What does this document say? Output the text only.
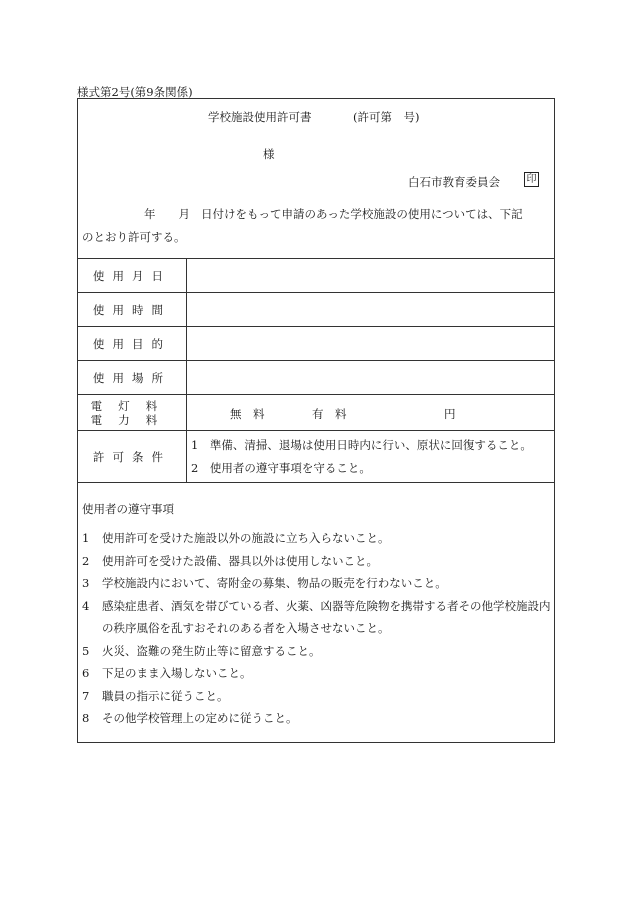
様式第2号(第9条関係)
学校施設使用許可書	(許可第　号)
様
白石市教育委員会	印
年　　月 日付けをもって申請のあった学校施設の使用については、下記
のとおり許可する。
使用月日
使用時間
使用目的
使用場所
電灯料
電力料	無　料	有　料	円
許可条件
1　準備、清掃、退場は使用日時内に行い、原状に回復すること。
2　使用者の遵守事項を守ること。
使用者の遵守事項
1	使用許可を受けた施設以外の施設に立ち入らないこと。
2	使用許可を受けた設備、器具以外は使用しないこと。
3	学校施設内において、寄附金の募集、物品の販売を行わないこと。
4	感染症患者、酒気を帯びている者、火薬、凶器等危険物を携帯する者その他学校施設内の秩序風俗を乱すおそれのある者を入場させないこと。
5	火災、盗難の発生防止等に留意すること。
6	下足のまま入場しないこと。
7	職員の指示に従うこと。
8	その他学校管理上の定めに従うこと。
